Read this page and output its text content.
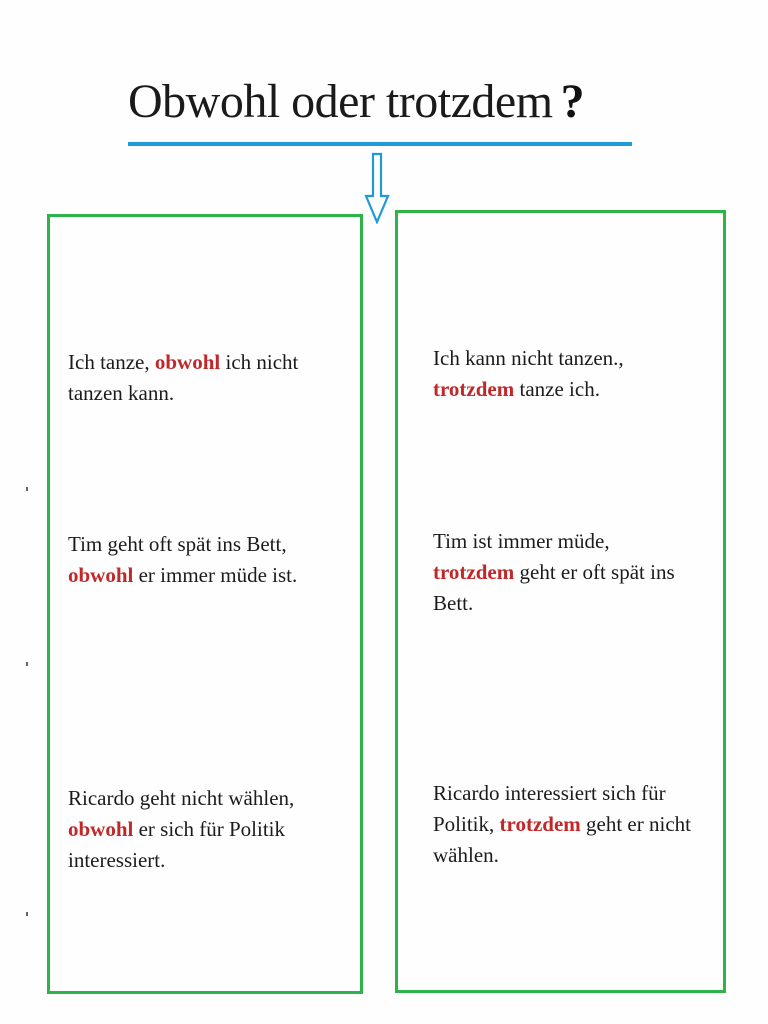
Obwohl oder trotzdem ?
Ich tanze, obwohl ich nicht
tanzen kann.
Tim geht oft spät ins Bett,
obwohl er immer müde ist.
Ricardo geht nicht wählen,
obwohl er sich für Politik
interessiert.
Ich kann nicht tanzen.,
trotzdem tanze ich.
Tim ist immer müde,
trotzdem geht er oft spät ins
Bett.
Ricardo interessiert sich für
Politik, trotzdem geht er nicht
wählen.
